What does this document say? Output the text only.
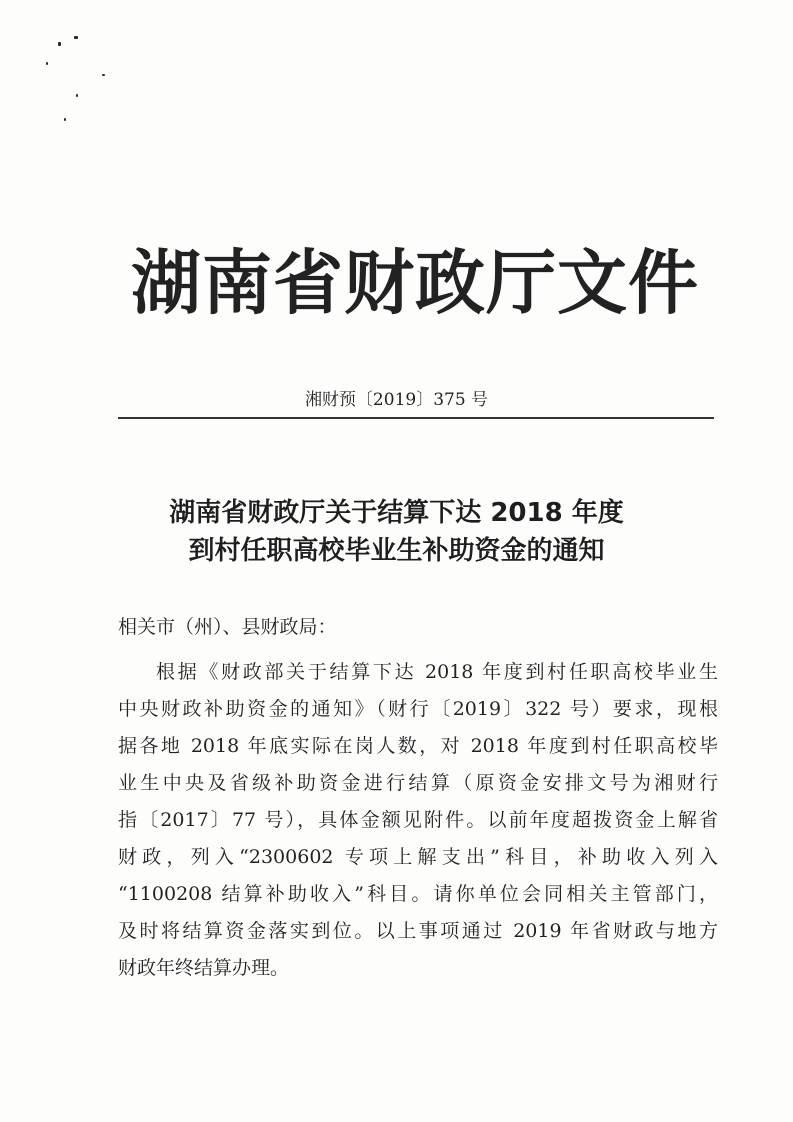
湖南省财政厅文件
湘财预〔2019〕375 号
湖南省财政厅关于结算下达 2018 年度
到村任职高校毕业生补助资金的通知
相关市（州）、县财政局：
根据《财政部关于结算下达 2018 年度到村任职高校毕业生
中央财政补助资金的通知》（财行〔2019〕322 号）要求，现根
据各地 2018 年底实际在岗人数，对 2018 年度到村任职高校毕
业生中央及省级补助资金进行结算（原资金安排文号为湘财行
指〔2017〕77 号），具体金额见附件。以前年度超拨资金上解省
财政，列入“2300602 专项上解支出”科目，补助收入列入
“1100208 结算补助收入”科目。请你单位会同相关主管部门，
及时将结算资金落实到位。以上事项通过 2019 年省财政与地方
财政年终结算办理。
